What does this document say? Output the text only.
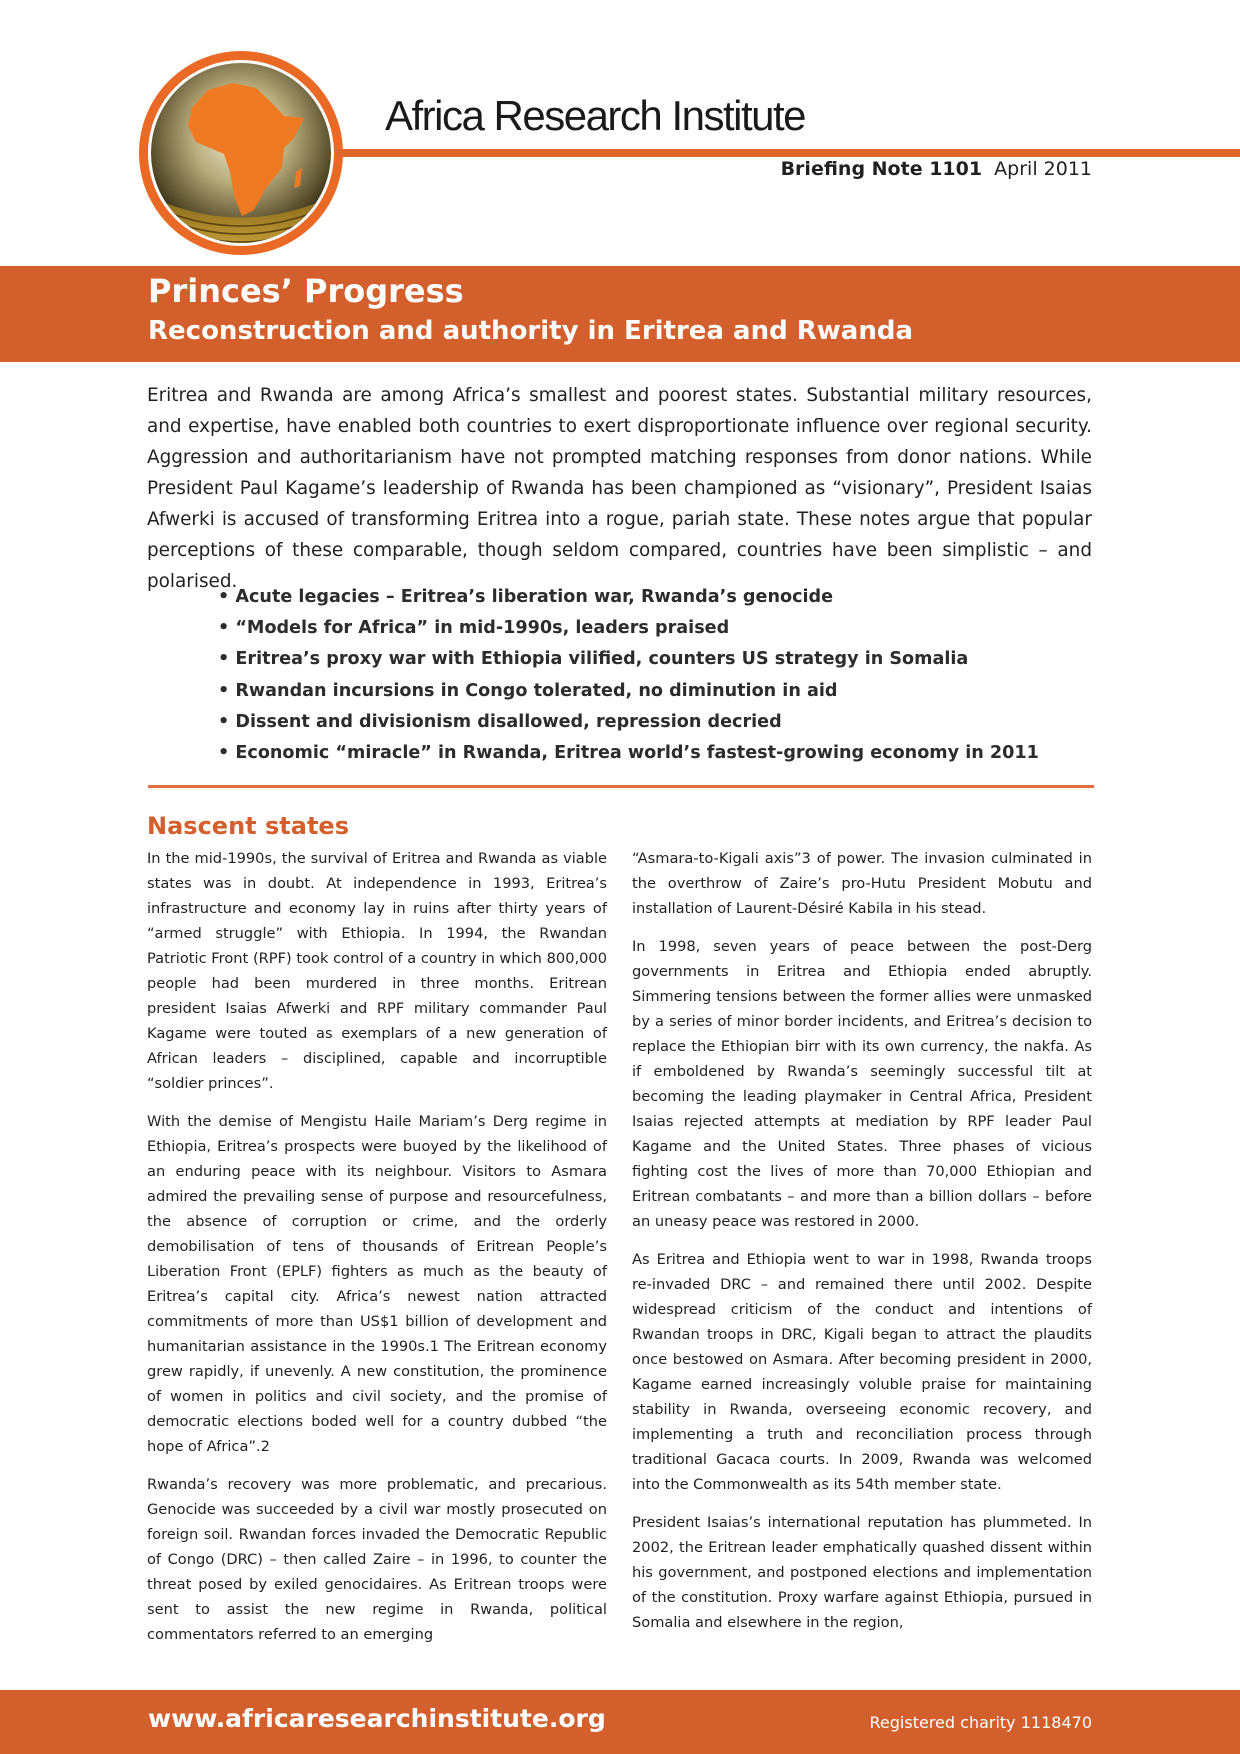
Africa Research Institute
Briefing Note 1101 April 2011
Princes’ Progress
Reconstruction and authority in Eritrea and Rwanda

Eritrea and Rwanda are among Africa’s smallest and poorest states. Substantial military resources, and expertise, have enabled both countries to exert disproportionate influence over regional security. Aggression and authoritarianism have not prompted matching responses from donor nations. While President Paul Kagame’s leadership of Rwanda has been championed as “visionary”, President Isaias Afwerki is accused of transforming Eritrea into a rogue, pariah state. These notes argue that popular perceptions of these comparable, though seldom compared, countries have been simplistic – and polarised.

• Acute legacies – Eritrea’s liberation war, Rwanda’s genocide
• “Models for Africa” in mid-1990s, leaders praised
• Eritrea’s proxy war with Ethiopia vilified, counters US strategy in Somalia
• Rwandan incursions in Congo tolerated, no diminution in aid
• Dissent and divisionism disallowed, repression decried
• Economic “miracle” in Rwanda, Eritrea world’s fastest-growing economy in 2011
Nascent states

In the mid-1990s, the survival of Eritrea and Rwanda as viable states was in doubt. At independence in 1993, Eritrea’s infrastructure and economy lay in ruins after thirty years of “armed struggle” with Ethiopia. In 1994, the Rwandan Patriotic Front (RPF) took control of a country in which 800,000 people had been murdered in three months. Eritrean president Isaias Afwerki and RPF military commander Paul Kagame were touted as exemplars of a new generation of African leaders – disciplined, capable and incorruptible “soldier princes”.

With the demise of Mengistu Haile Mariam’s Derg regime in Ethiopia, Eritrea’s prospects were buoyed by the likelihood of an enduring peace with its neighbour. Visitors to Asmara admired the prevailing sense of purpose and resourcefulness, the absence of corruption or crime, and the orderly demobilisation of tens of thousands of Eritrean People’s Liberation Front (EPLF) fighters as much as the beauty of Eritrea’s capital city. Africa’s newest nation attracted commitments of more than US$1 billion of development and humanitarian assistance in the 1990s.1 The Eritrean economy grew rapidly, if unevenly. A new constitution, the prominence of women in politics and civil society, and the promise of democratic elections boded well for a country dubbed “the hope of Africa”.2

Rwanda’s recovery was more problematic, and precarious. Genocide was succeeded by a civil war mostly prosecuted on foreign soil. Rwandan forces invaded the Democratic Republic of Congo (DRC) – then called Zaire – in 1996, to counter the threat posed by exiled genocidaires. As Eritrean troops were sent to assist the new regime in Rwanda, political commentators referred to an emerging

“Asmara-to-Kigali axis”3 of power. The invasion culminated in the overthrow of Zaire’s pro-Hutu President Mobutu and installation of Laurent-Désiré Kabila in his stead.

In 1998, seven years of peace between the post-Derg governments in Eritrea and Ethiopia ended abruptly. Simmering tensions between the former allies were unmasked by a series of minor border incidents, and Eritrea’s decision to replace the Ethiopian birr with its own currency, the nakfa. As if emboldened by Rwanda’s seemingly successful tilt at becoming the leading playmaker in Central Africa, President Isaias rejected attempts at mediation by RPF leader Paul Kagame and the United States. Three phases of vicious fighting cost the lives of more than 70,000 Ethiopian and Eritrean combatants – and more than a billion dollars – before an uneasy peace was restored in 2000.

As Eritrea and Ethiopia went to war in 1998, Rwanda troops re-invaded DRC – and remained there until 2002. Despite widespread criticism of the conduct and intentions of Rwandan troops in DRC, Kigali began to attract the plaudits once bestowed on Asmara. After becoming president in 2000, Kagame earned increasingly voluble praise for maintaining stability in Rwanda, overseeing economic recovery, and implementing a truth and reconciliation process through traditional Gacaca courts. In 2009, Rwanda was welcomed into the Commonwealth as its 54th member state.

President Isaias’s international reputation has plummeted. In 2002, the Eritrean leader emphatically quashed dissent within his government, and postponed elections and implementation of the constitution. Proxy warfare against Ethiopia, pursued in Somalia and elsewhere in the region,

www.africaresearchinstitute.org	Registered charity 1118470
